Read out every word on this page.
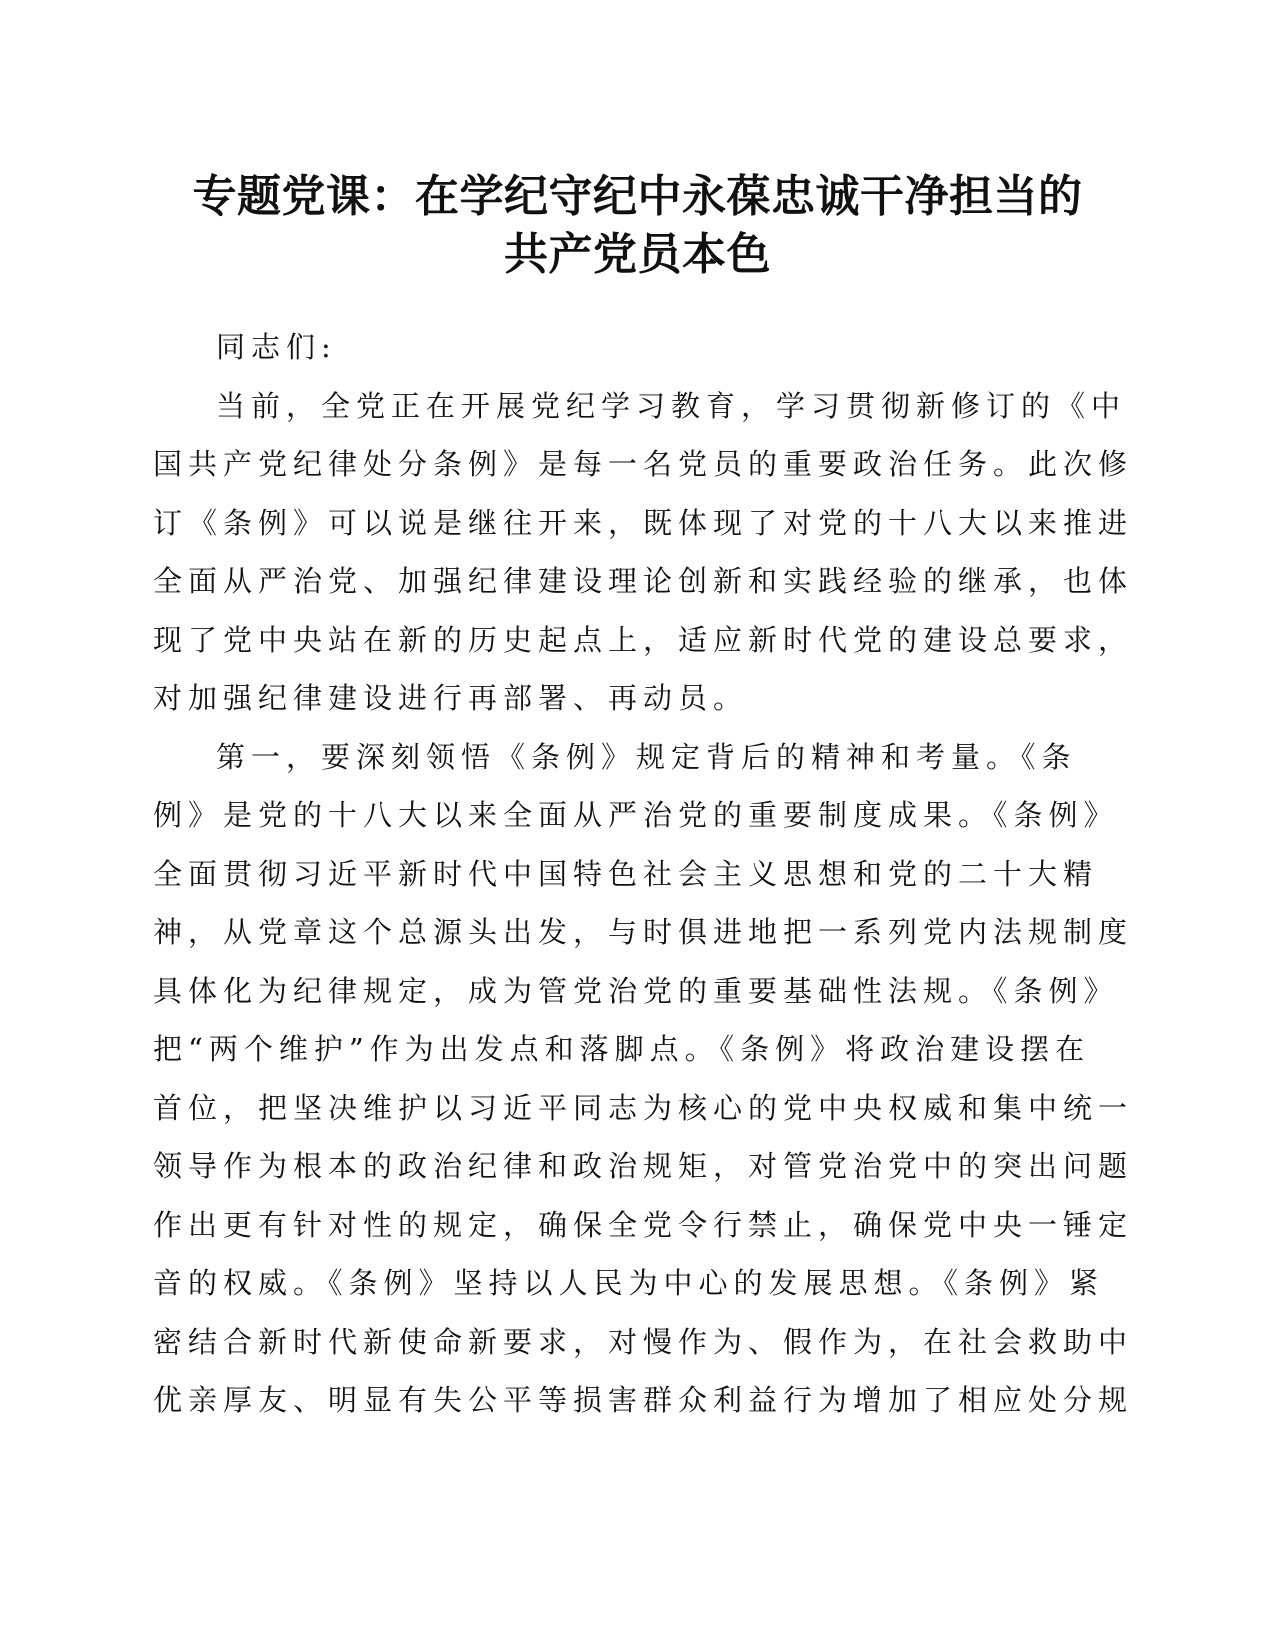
专题党课：在学纪守纪中永葆忠诚干净担当的
共产党员本色
同志们:
当前，全党正在开展党纪学习教育，学习贯彻新修订的《中
国共产党纪律处分条例》是每一名党员的重要政治任务。此次修
订《条例》可以说是继往开来，既体现了对党的十八大以来推进
全面从严治党、加强纪律建设理论创新和实践经验的继承，也体
现了党中央站在新的历史起点上，适应新时代党的建设总要求，
对加强纪律建设进行再部署、再动员。
第一，要深刻领悟《条例》规定背后的精神和考量。《条
例》是党的十八大以来全面从严治党的重要制度成果。《条例》
全面贯彻习近平新时代中国特色社会主义思想和党的二十大精
神，从党章这个总源头出发，与时俱进地把一系列党内法规制度
具体化为纪律规定，成为管党治党的重要基础性法规。《条例》
把“两个维护”作为出发点和落脚点。《条例》将政治建设摆在
首位，把坚决维护以习近平同志为核心的党中央权威和集中统一
领导作为根本的政治纪律和政治规矩，对管党治党中的突出问题
作出更有针对性的规定，确保全党令行禁止，确保党中央一锤定
音的权威。《条例》坚持以人民为中心的发展思想。《条例》紧
密结合新时代新使命新要求，对慢作为、假作为，在社会救助中
优亲厚友、明显有失公平等损害群众利益行为增加了相应处分规
